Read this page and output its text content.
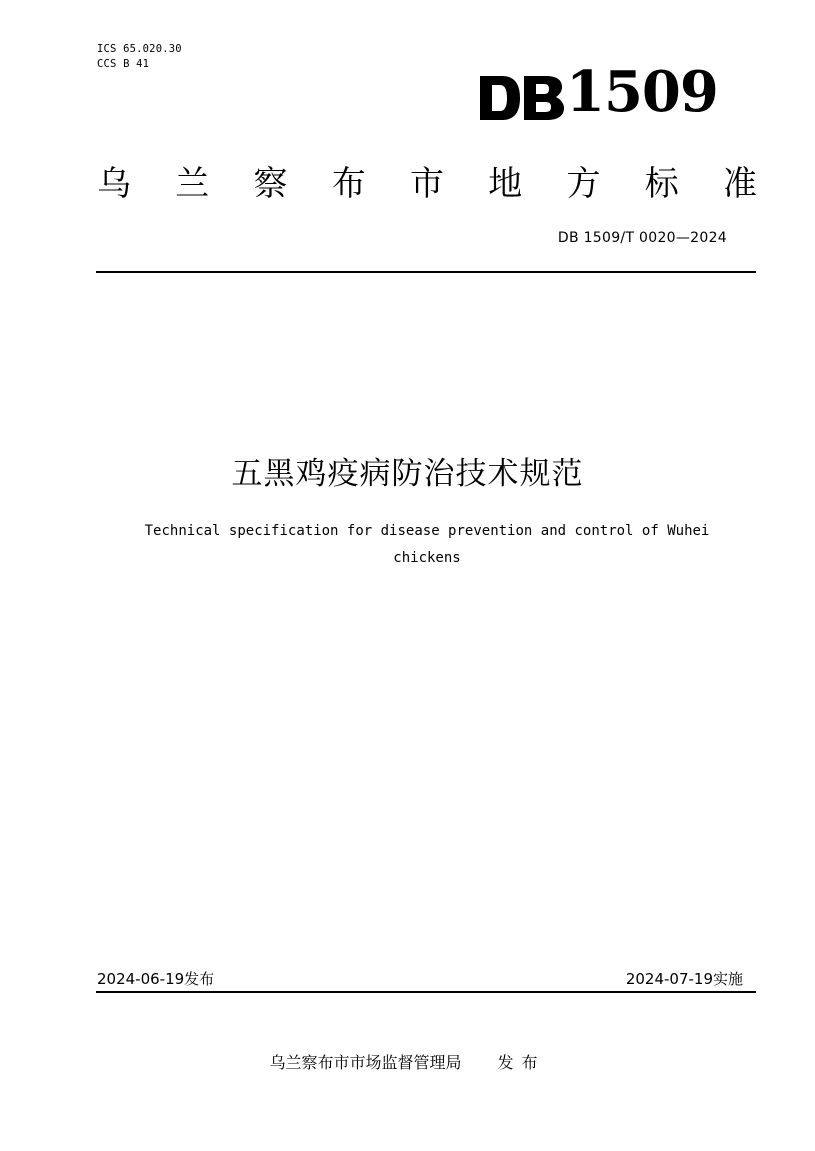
ICS 65.020.30
CCS B 41	1509
乌 兰 察 布 市 地 方 标 准
DB 1509/T 0020—2024
五黑鸡疫病防治技术规范
Technical specification for disease prevention and control of Wuhei
chickens
2024-06-19发布	2024-07-19实施
乌兰察布市市场监督管理局 发布
